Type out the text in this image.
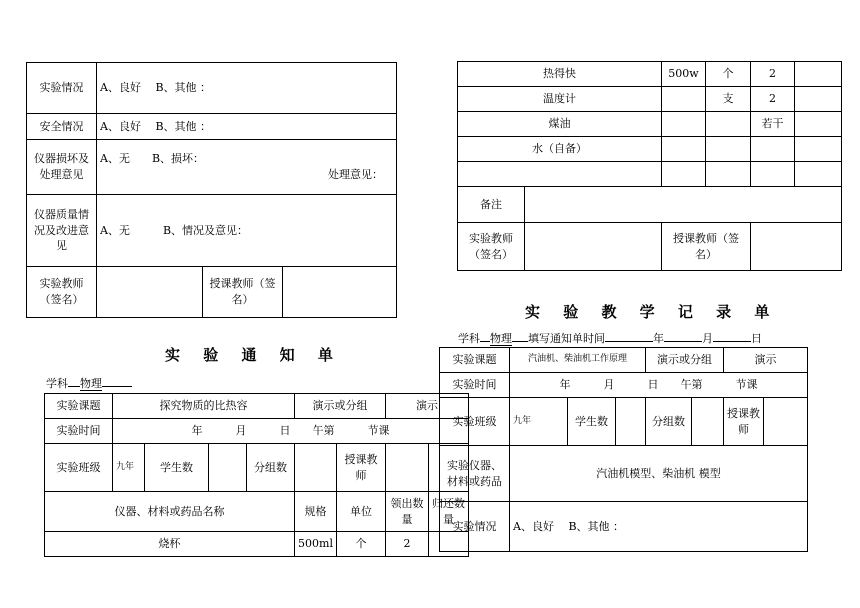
实验情况	A、良好　 B、其他 ：		
安全情况	A、良好　 B、其他 ：		
仪器损坏及处理意见	A、无　　B、损坏：
处理意见：		

仪器质量情况及改进意见	A、无　　　B、情况及意见：		
实验教师（签名）		授课教师（签名）	
热得快		500w	个	2	
温度计			支	2	
煤油				若干	
水（自备）					

备注					
实验教师（签名）		授课教师（签名）			
实 验 通 知 单
学科 物理
实验课题	探究物质的比热容				演示或分组		演示	
实验时间	年　　　月　　　日　　午第　　　节课							
实验班级	九年	学生数		分组数		授课教师		
仪器、材料或药品名称					规格	单位	领出数量	归还数量
烧杯					500ml	个	2	
实 验 教 学 记 录 单
学科 物理 填写通知单时间	年	月	日
实验课题	汽油机、柴油机工作原理			演示或分组		演示	
实验时间	年　　　月　　　日　　午第　　　节课						
实验班级	九年	学生数		分组数		授课教师	
实验仪器、材料或药品	汽油机模型、柴油机 模型						
实验情况	A、良好　 B、其他 ：						
